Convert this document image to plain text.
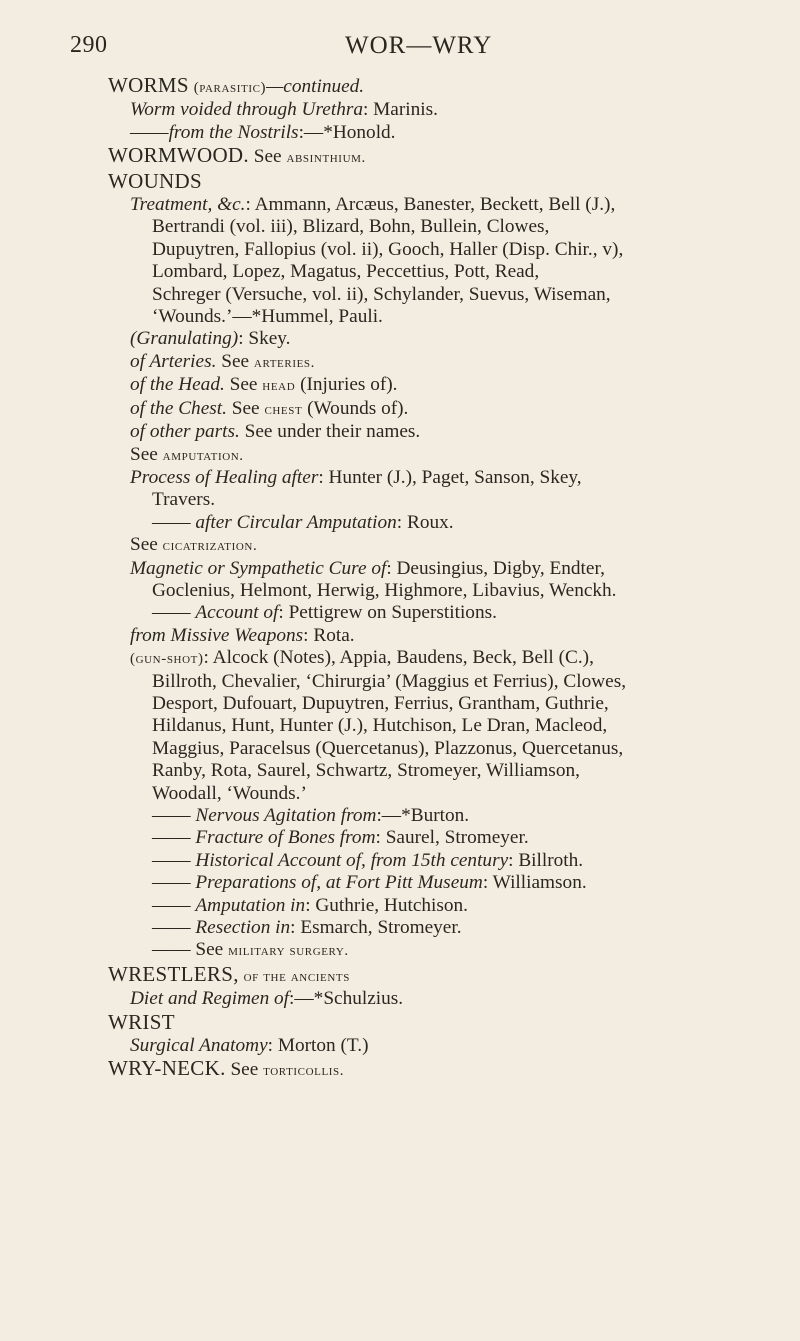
290	WOR—WRY

WORMS (parasitic)—continued.

Worm voided through Urethra: Marinis.

——from the Nostrils:—*Honold.

WORMWOOD. See absinthium.

WOUNDS

Treatment, &c.: Ammann, Arcæus, Banester, Beckett, Bell (J.),

Bertrandi (vol. iii), Blizard, Bohn, Bullein, Clowes,

Dupuytren, Fallopius (vol. ii), Gooch, Haller (Disp. Chir., v),

Lombard, Lopez, Magatus, Peccettius, Pott, Read,

Schreger (Versuche, vol. ii), Schylander, Suevus, Wiseman,

‘Wounds.’—*Hummel, Pauli.

(Granulating): Skey.

of Arteries. See arteries.

of the Head. See head (Injuries of).

of the Chest. See chest (Wounds of).

of other parts. See under their names.

See amputation.

Process of Healing after: Hunter (J.), Paget, Sanson, Skey,

Travers.

—— after Circular Amputation: Roux.

See cicatrization.

Magnetic or Sympathetic Cure of: Deusingius, Digby, Endter,

Goclenius, Helmont, Herwig, Highmore, Libavius, Wenckh.

—— Account of: Pettigrew on Superstitions.

from Missive Weapons: Rota.

(gun-shot): Alcock (Notes), Appia, Baudens, Beck, Bell (C.),

Billroth, Chevalier, ‘Chirurgia’ (Maggius et Ferrius), Clowes,

Desport, Dufouart, Dupuytren, Ferrius, Grantham, Guthrie,

Hildanus, Hunt, Hunter (J.), Hutchison, Le Dran, Macleod,

Maggius, Paracelsus (Quercetanus), Plazzonus, Quercetanus,

Ranby, Rota, Saurel, Schwartz, Stromeyer, Williamson,

Woodall, ‘Wounds.’

—— Nervous Agitation from:—*Burton.

—— Fracture of Bones from: Saurel, Stromeyer.

—— Historical Account of, from 15th century: Billroth.

—— Preparations of, at Fort Pitt Museum: Williamson.

—— Amputation in: Guthrie, Hutchison.

—— Resection in: Esmarch, Stromeyer.

—— See military surgery.

WRESTLERS, of the ancients

Diet and Regimen of:—*Schulzius.

WRIST

Surgical Anatomy: Morton (T.)

WRY-NECK. See torticollis.
